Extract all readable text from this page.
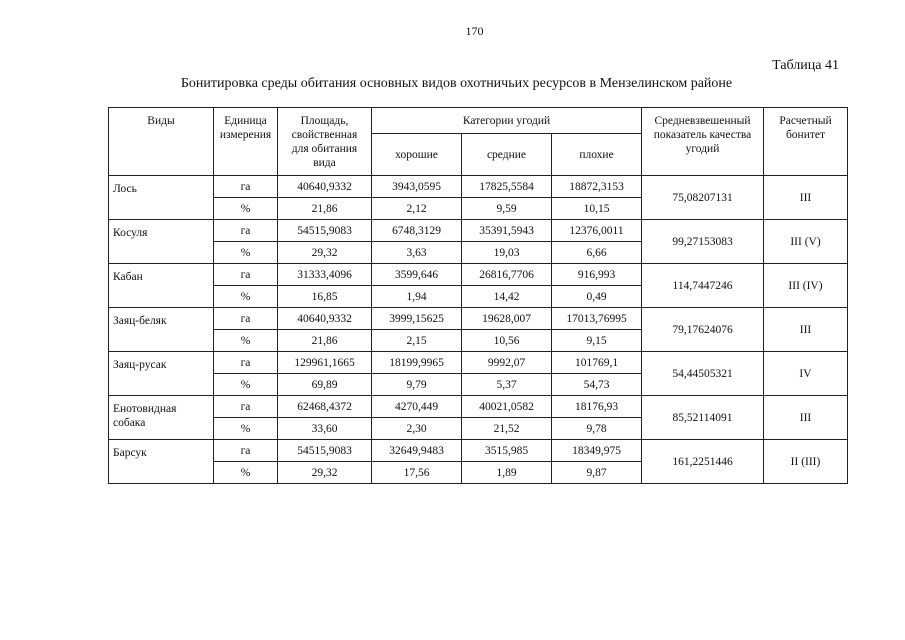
170
Таблица 41
Бонитировка среды обитания основных видов охотничьих ресурсов в Мензелинском районе
Виды	Единица измерения	Площадь, свойственная для обитания вида	Категории угодий			Средневзвешенный показатель качества угодий	Расчетный бонитет
			хорошие	средние	плохие		
Лось	га	40640,9332	3943,0595	17825,5584	18872,3153	75,08207131	III
	%	21,86	2,12	9,59	10,15		
Косуля	га	54515,9083	6748,3129	35391,5943	12376,0011	99,27153083	III (V)
	%	29,32	3,63	19,03	6,66		
Кабан	га	31333,4096	3599,646	26816,7706	916,993	114,7447246	III (IV)
	%	16,85	1,94	14,42	0,49		
Заяц-беляк	га	40640,9332	3999,15625	19628,007	17013,76995	79,17624076	III
	%	21,86	2,15	10,56	9,15		
Заяц-русак	га	129961,1665	18199,9965	9992,07	101769,1	54,44505321	IV
	%	69,89	9,79	5,37	54,73		
Енотовидная собака	га	62468,4372	4270,449	40021,0582	18176,93	85,52114091	III
	%	33,60	2,30	21,52	9,78		
Барсук	га	54515,9083	32649,9483	3515,985	18349,975	161,2251446	II (III)
	%	29,32	17,56	1,89	9,87		
